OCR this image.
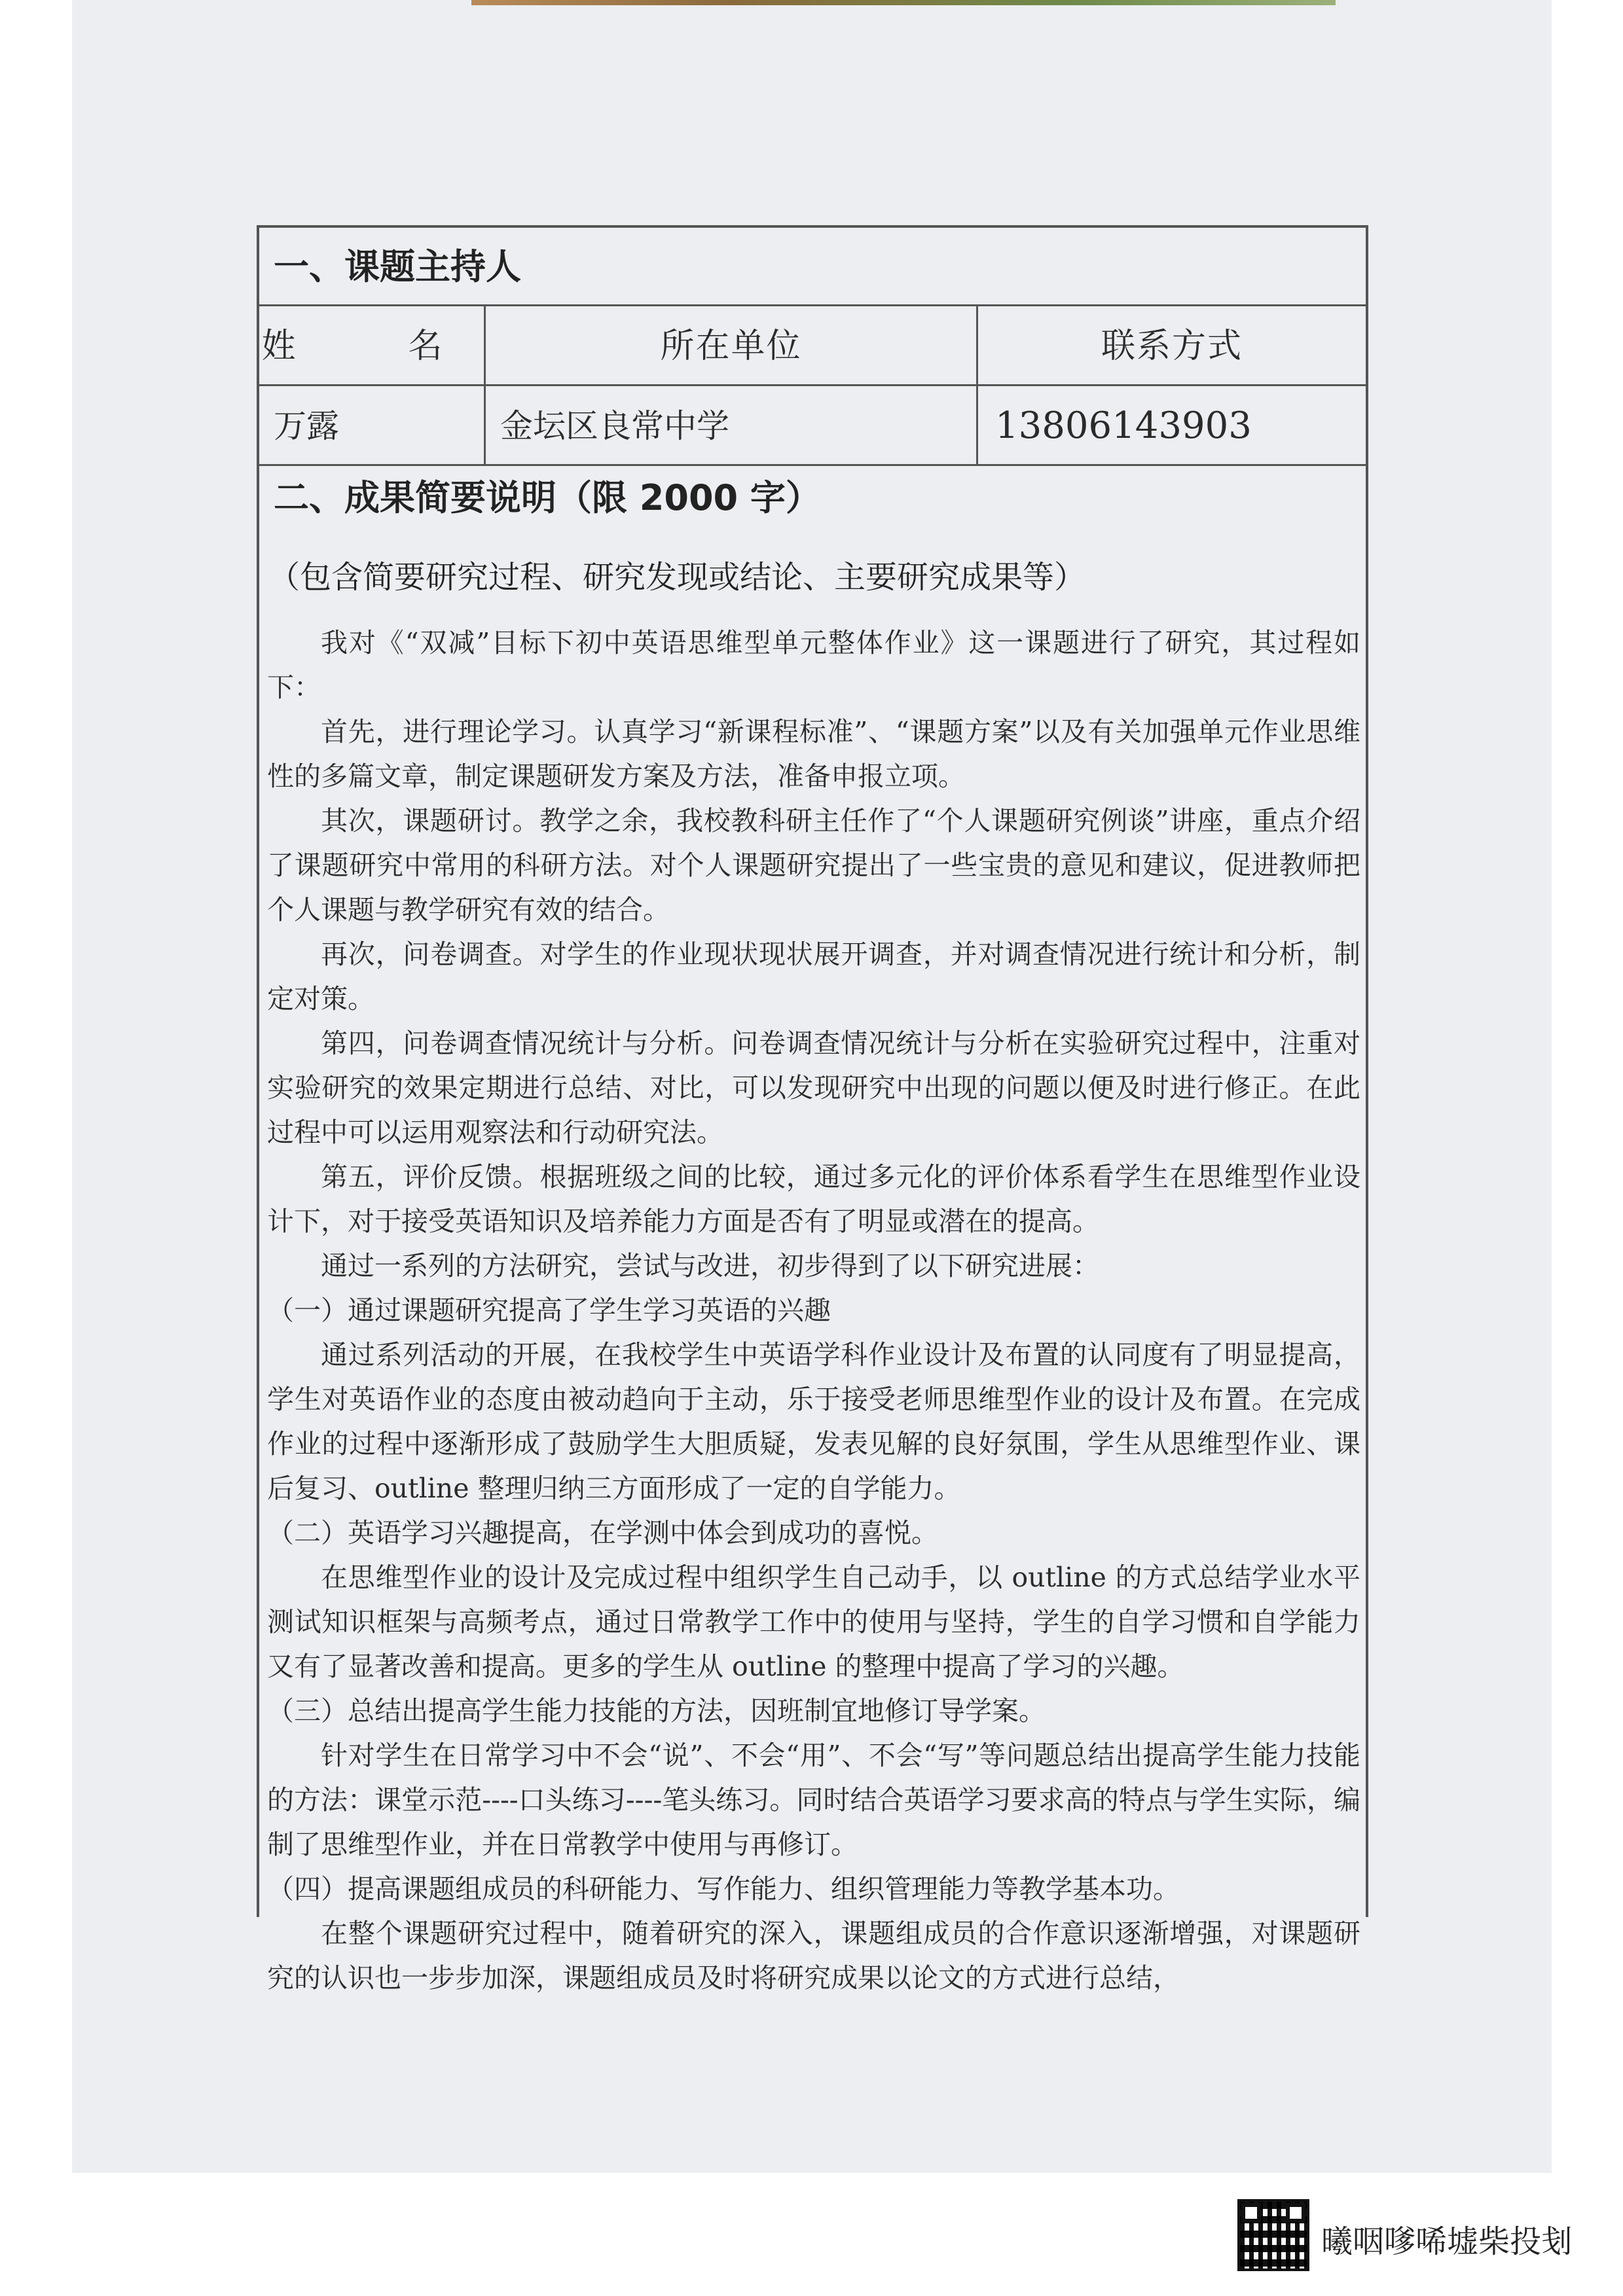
一、课题主持人
姓　名	所在单位	联系方式
万露	金坛区良常中学	13806143903
二、成果简要说明（限 2000 字）
（包含简要研究过程、研究发现或结论、主要研究成果等）

我对《“双减”目标下初中英语思维型单元整体作业》这一课题进行了研究，其过程如下：

首先，进行理论学习。认真学习“新课程标准”、“课题方案”以及有关加强单元作业思维性的多篇文章，制定课题研发方案及方法，准备申报立项。

其次，课题研讨。教学之余，我校教科研主任作了“个人课题研究例谈”讲座，重点介绍了课题研究中常用的科研方法。对个人课题研究提出了一些宝贵的意见和建议，促进教师把个人课题与教学研究有效的结合。

再次，问卷调查。对学生的作业现状现状展开调查，并对调查情况进行统计和分析，制定对策。

第四，问卷调查情况统计与分析。问卷调查情况统计与分析在实验研究过程中，注重对实验研究的效果定期进行总结、对比，可以发现研究中出现的问题以便及时进行修正。在此过程中可以运用观察法和行动研究法。

第五，评价反馈。根据班级之间的比较，通过多元化的评价体系看学生在思维型作业设计下，对于接受英语知识及培养能力方面是否有了明显或潜在的提高。

通过一系列的方法研究，尝试与改进，初步得到了以下研究进展：

（一）通过课题研究提高了学生学习英语的兴趣

通过系列活动的开展，在我校学生中英语学科作业设计及布置的认同度有了明显提高，学生对英语作业的态度由被动趋向于主动，乐于接受老师思维型作业的设计及布置。在完成作业的过程中逐渐形成了鼓励学生大胆质疑，发表见解的良好氛围，学生从思维型作业、课后复习、outline 整理归纳三方面形成了一定的自学能力。

（二）英语学习兴趣提高，在学测中体会到成功的喜悦。

在思维型作业的设计及完成过程中组织学生自己动手，以 outline 的方式总结学业水平测试知识框架与高频考点，通过日常教学工作中的使用与坚持，学生的自学习惯和自学能力又有了显著改善和提高。更多的学生从 outline 的整理中提高了学习的兴趣。

（三）总结出提高学生能力技能的方法，因班制宜地修订导学案。

针对学生在日常学习中不会“说”、不会“用”、不会“写”等问题总结出提高学生能力技能的方法：课堂示范----口头练习----笔头练习。同时结合英语学习要求高的特点与学生实际，编制了思维型作业，并在日常教学中使用与再修订。

（四）提高课题组成员的科研能力、写作能力、组织管理能力等教学基本功。

在整个课题研究过程中，随着研究的深入，课题组成员的合作意识逐渐增强，对课题研究的认识也一步步加深，课题组成员及时将研究成果以论文的方式进行总结，

曦咽嗲唏墟柴投刬
